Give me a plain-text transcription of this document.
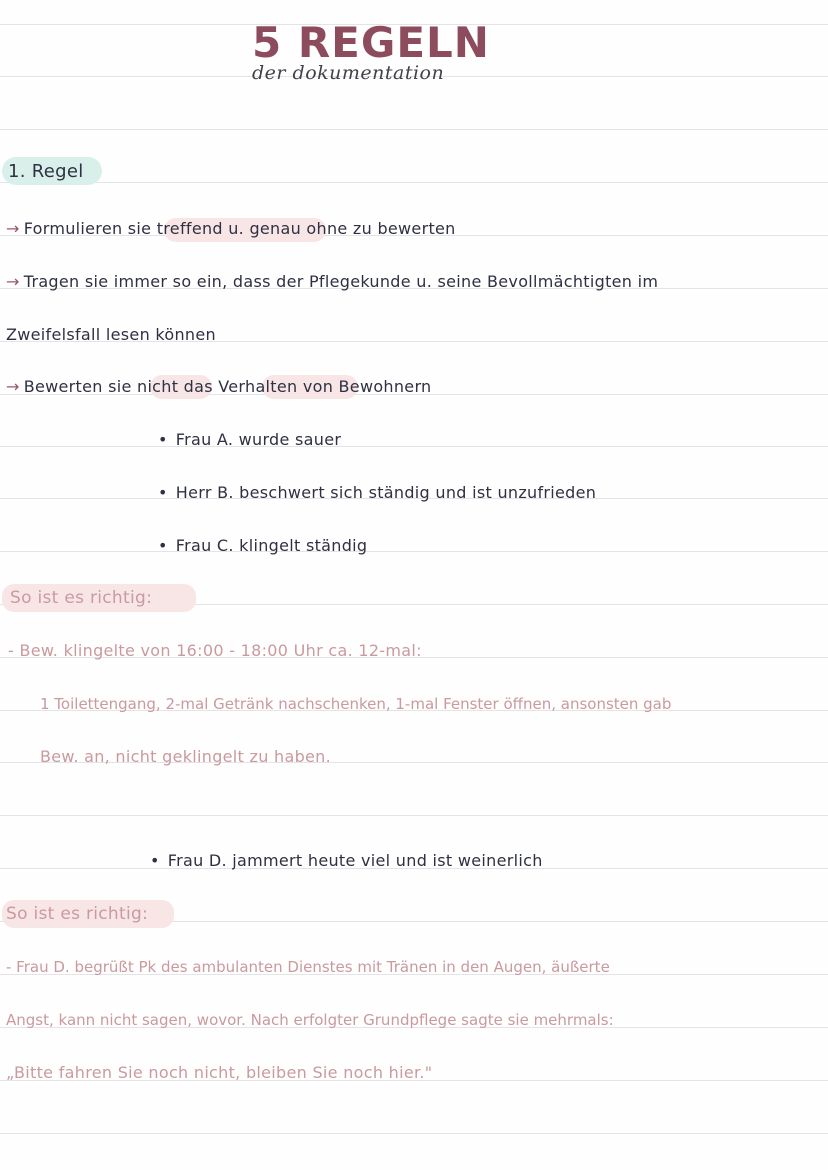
5 REGELN
der dokumentation
1. Regel
→ Formulieren sie treffend u. genau ohne zu bewerten
→ Tragen sie immer so ein, dass der Pflegekunde u. seine Bevollmächtigten im
Zweifelsfall lesen können
→ Bewerten sie nicht das Verhalten von Bewohnern
• Frau A. wurde sauer
• Herr B. beschwert sich ständig und ist unzufrieden
• Frau C. klingelt ständig
So ist es richtig:
- Bew. klingelte von 16:00 - 18:00 Uhr ca. 12-mal:
1 Toilettengang, 2-mal Getränk nachschenken, 1-mal Fenster öffnen, ansonsten gab
Bew. an, nicht geklingelt zu haben.
• Frau D. jammert heute viel und ist weinerlich
So ist es richtig:
- Frau D. begrüßt Pk des ambulanten Dienstes mit Tränen in den Augen, äußerte
Angst, kann nicht sagen, wovor. Nach erfolgter Grundpflege sagte sie mehrmals:
„Bitte fahren Sie noch nicht, bleiben Sie noch hier."
